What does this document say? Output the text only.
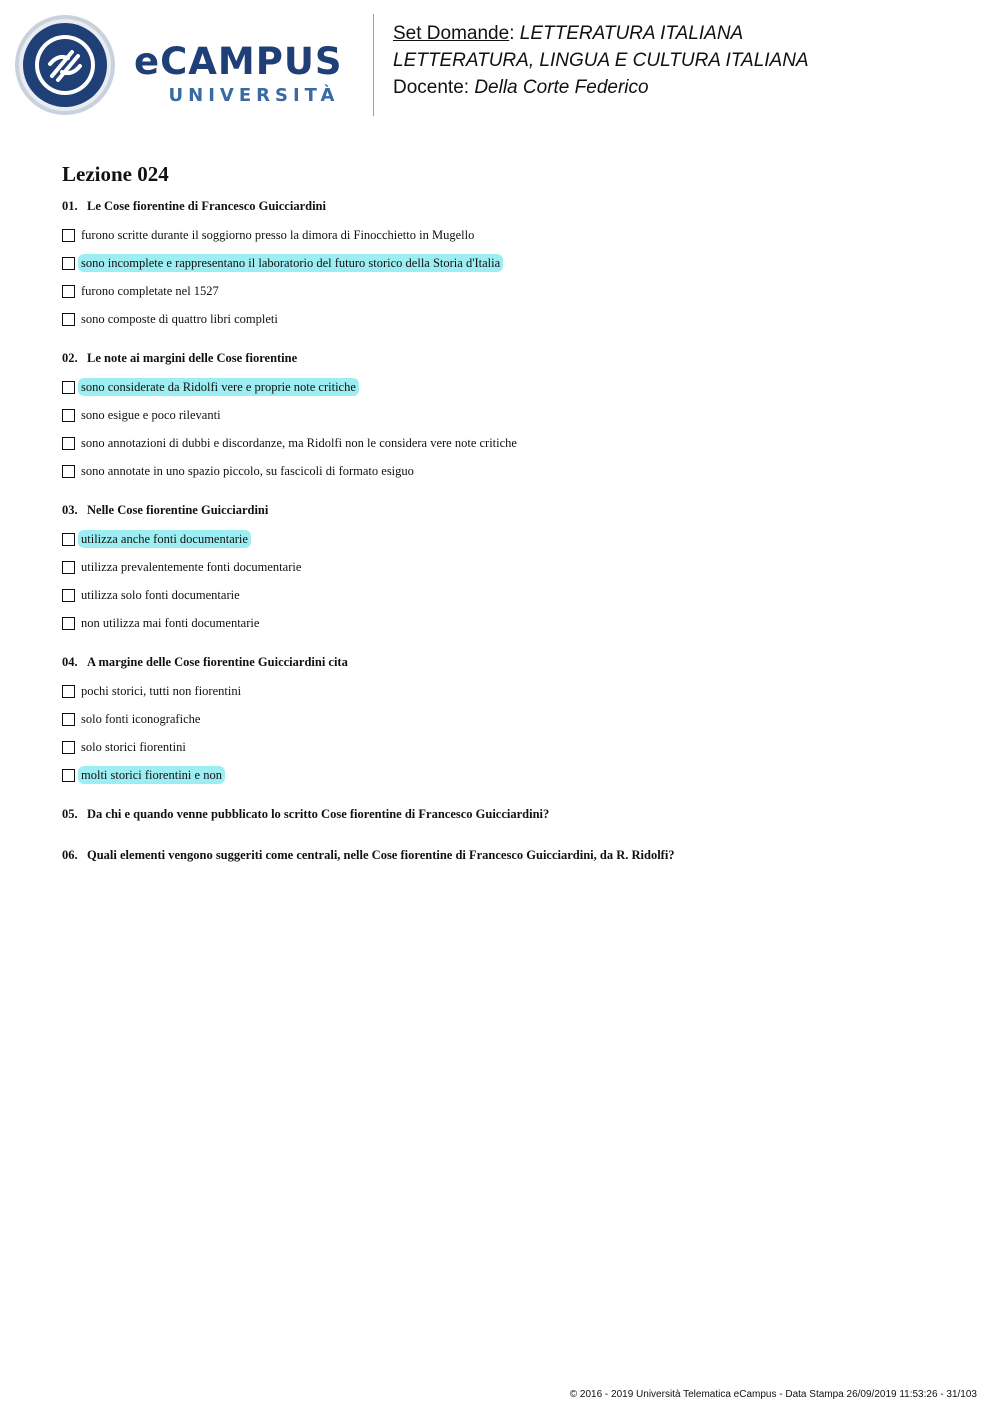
eCAMPUS
UNIVERSITÀ
Set Domande: LETTERATURA ITALIANA
LETTERATURA, LINGUA E CULTURA ITALIANA
Docente: Della Corte Federico
Lezione 024
01. Le Cose fiorentine di Francesco Guicciardini
furono scritte durante il soggiorno presso la dimora di Finocchietto in Mugello
sono incomplete e rappresentano il laboratorio del futuro storico della Storia d'Italia
furono completate nel 1527
sono composte di quattro libri completi
02. Le note ai margini delle Cose fiorentine
sono considerate da Ridolfi vere e proprie note critiche
sono esigue e poco rilevanti
sono annotazioni di dubbi e discordanze, ma Ridolfi non le considera vere note critiche
sono annotate in uno spazio piccolo, su fascicoli di formato esiguo
03. Nelle Cose fiorentine Guicciardini
utilizza anche fonti documentarie
utilizza prevalentemente fonti documentarie
utilizza solo fonti documentarie
non utilizza mai fonti documentarie
04. A margine delle Cose fiorentine Guicciardini cita
pochi storici, tutti non fiorentini
solo fonti iconografiche
solo storici fiorentini
molti storici fiorentini e non
05. Da chi e quando venne pubblicato lo scritto Cose fiorentine di Francesco Guicciardini?
06. Quali elementi vengono suggeriti come centrali, nelle Cose fiorentine di Francesco Guicciardini, da R. Ridolfi?
© 2016 - 2019 Università Telematica eCampus - Data Stampa 26/09/2019 11:53:26 - 31/103
